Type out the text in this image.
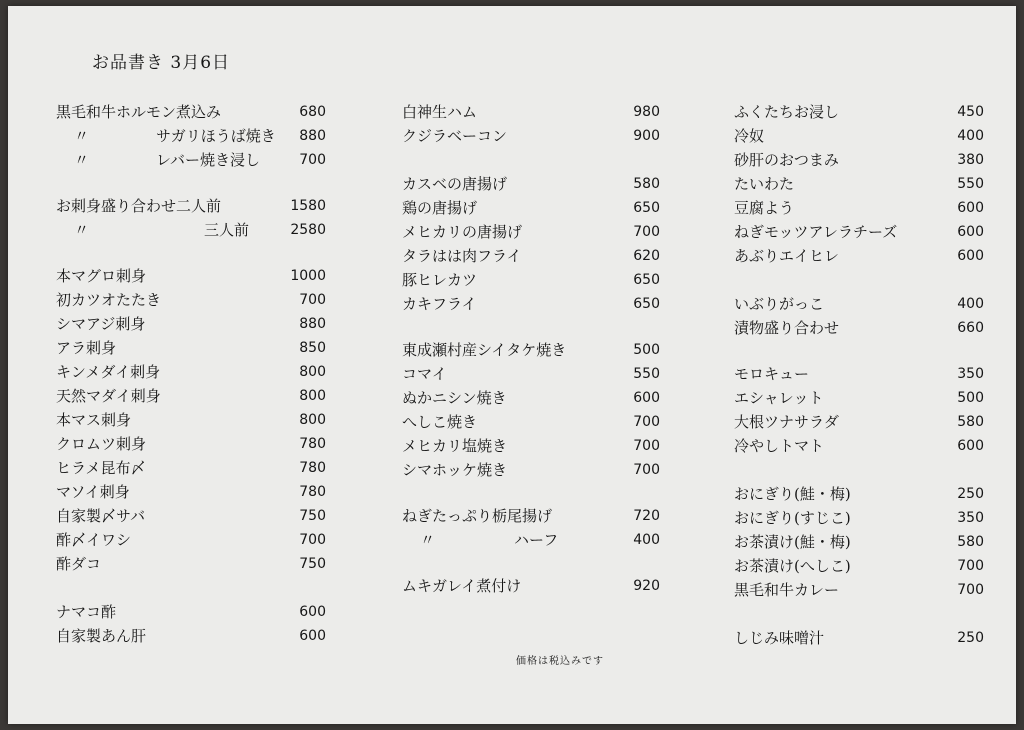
お品書き 3月6日
黒毛和牛ホルモン煮込み	680
〃	サガリほうば焼き 880
〃	レバー焼き浸し	700
お刺身盛り合わせ二人前	1580
〃	三人前	2580
本マグロ刺身	1000
初カツオたたき	700
シマアジ刺身	880
アラ刺身	850
キンメダイ刺身	800
天然マダイ刺身	800
本マス刺身	800
クロムツ刺身	780
ヒラメ昆布〆	780
マソイ刺身	780
自家製〆サバ	750
酢〆イワシ	700
酢ダコ	750
ナマコ酢	600
自家製あん肝	600
白神生ハム	980
クジラベーコン	900
カスベの唐揚げ	580
鶏の唐揚げ	650
メヒカリの唐揚げ	700
タラはは肉フライ	620
豚ヒレカツ	650
カキフライ	650
東成瀬村産シイタケ焼き	500
コマイ	550
ぬかニシン焼き	600
へしこ焼き	700
メヒカリ塩焼き	700
シマホッケ焼き	700
ねぎたっぷり栃尾揚げ	720
〃	ハーフ	400
ムキガレイ煮付け	920
ふくたちお浸し	450
冷奴	400
砂肝のおつまみ	380
たいわた	550
豆腐よう	600
ねぎモッツアレラチーズ	600
あぶりエイヒレ	600
いぶりがっこ	400
漬物盛り合わせ	660
モロキュー	350
エシャレット	500
大根ツナサラダ	580
冷やしトマト	600
おにぎり(鮭・梅)	250
おにぎり(すじこ)	350
お茶漬け(鮭・梅)	580
お茶漬け(へしこ)	700
黒毛和牛カレー	700
しじみ味噌汁	250
価格は税込みです
